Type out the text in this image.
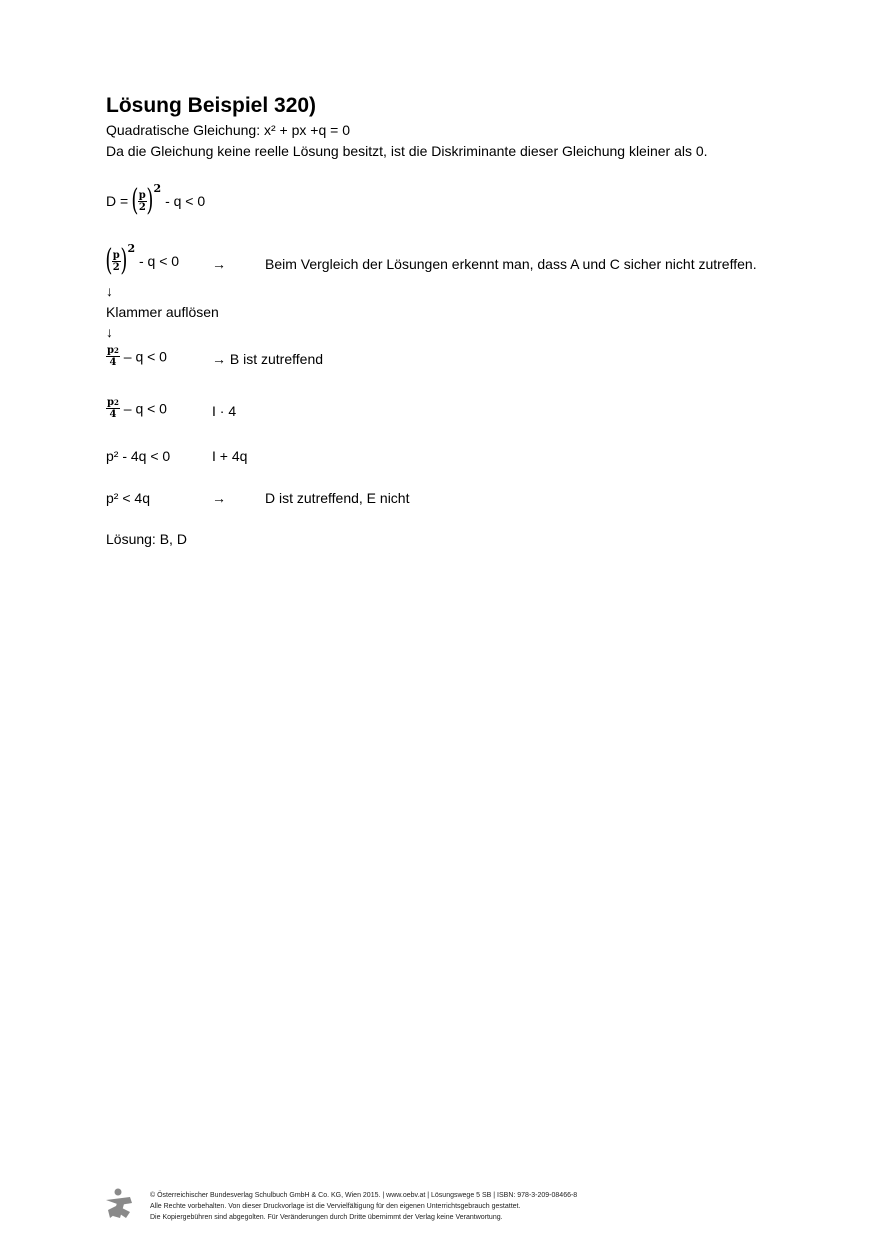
Lösung Beispiel 320)
Quadratische Gleichung: x² + px +q = 0
Da die Gleichung keine reelle Lösung besitzt, ist die Diskriminante dieser Gleichung kleiner als 0.
D = ( $\frac{p}{2} )^2 - q < 0$
( $\frac{p}{2} )^2 - q < 0$ →	Beim Vergleich der Lösungen erkennt man, dass A und C sicher nicht zutreffen.
↓
Klammer auflösen
↓
$\frac{p^2}{4} - q < 0$	→ B ist zutreffend
$\frac{p^2}{4} - q < 0$	I · 4
p² - 4q < 0	I + 4q
p² < 4q	→	D ist zutreffend, E nicht
Lösung: B, D
© Österreichischer Bundesverlag Schulbuch GmbH & Co. KG, Wien 2015. | www.oebv.at | Lösungswege 5 SB | ISBN: 978-3-209-08466-8
Alle Rechte vorbehalten. Von dieser Druckvorlage ist die Vervielfältigung für den eigenen Unterrichtsgebrauch gestattet.
Die Kopiergebühren sind abgegolten. Für Veränderungen durch Dritte übernimmt der Verlag keine Verantwortung.
